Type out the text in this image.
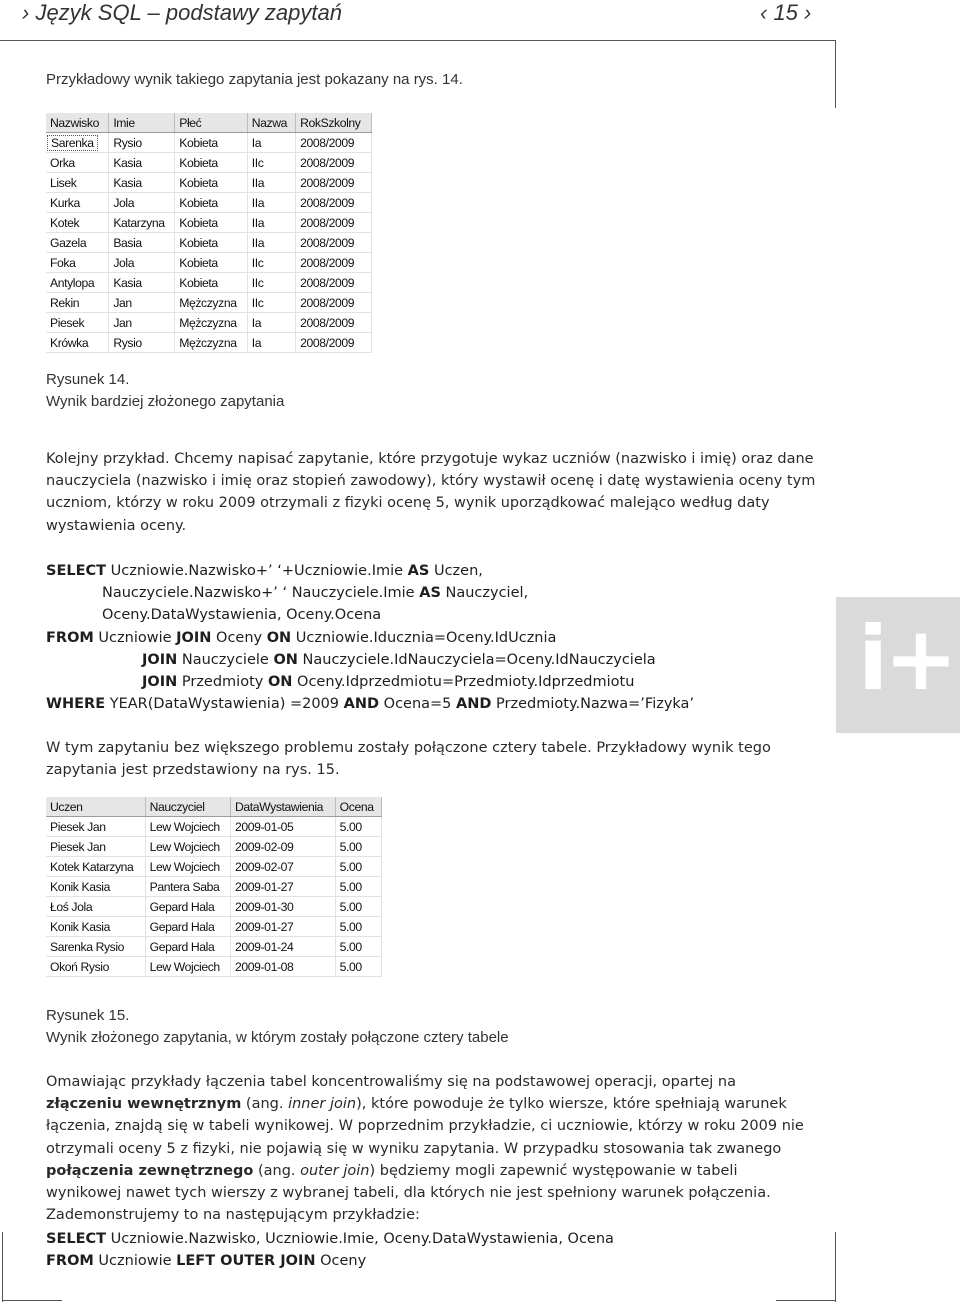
› Język SQL – podstawy zapytań	‹ 15 ›
Przykładowy wynik takiego zapytania jest pokazany na rys. 14.
Nazwisko	Imie	Płeć	Nazwa	RokSzkolny
Sarenka	Rysio	Kobieta	Ia	2008/2009
Orka	Kasia	Kobieta	IIc	2008/2009
Lisek	Kasia	Kobieta	IIa	2008/2009
Kurka	Jola	Kobieta	IIa	2008/2009
Kotek	Katarzyna	Kobieta	IIa	2008/2009
Gazela	Basia	Kobieta	IIa	2008/2009
Foka	Jola	Kobieta	IIc	2008/2009
Antylopa	Kasia	Kobieta	IIc	2008/2009
Rekin	Jan	Mężczyzna	IIc	2008/2009
Piesek	Jan	Mężczyzna	Ia	2008/2009
Krówka	Rysio	Mężczyzna	Ia	2008/2009
Rysunek 14.
Wynik bardziej złożonego zapytania
Kolejny przykład. Chcemy napisać zapytanie, które przygotuje wykaz uczniów (nazwisko i imię) oraz dane nauczyciela (nazwisko i imię oraz stopień zawodowy), który wystawił ocenę i datę wystawienia oceny tym uczniom, którzy w roku 2009 otrzymali z fizyki ocenę 5, wynik uporządkować malejąco według daty wystawienia oceny.
SELECT Uczniowie.Nazwisko+’ ‘+Uczniowie.Imie AS Uczen,
Nauczyciele.Nazwisko+’ ‘ Nauczyciele.Imie AS Nauczyciel,
Oceny.DataWystawienia, Oceny.Ocena
FROM Uczniowie JOIN Oceny ON Uczniowie.Iducznia=Oceny.IdUcznia
JOIN Nauczyciele ON Nauczyciele.IdNauczyciela=Oceny.IdNauczyciela
JOIN Przedmioty ON Oceny.Idprzedmiotu=Przedmioty.Idprzedmiotu
WHERE YEAR(DataWystawienia) =2009 AND Ocena=5 AND Przedmioty.Nazwa=’Fizyka’	i+
W tym zapytaniu bez większego problemu zostały połączone cztery tabele. Przykładowy wynik tego zapytania jest przedstawiony na rys. 15.
Uczen	Nauczyciel	DataWystawienia	Ocena
Piesek Jan	Lew Wojciech	2009-01-05	5.00
Piesek Jan	Lew Wojciech	2009-02-09	5.00
Kotek Katarzyna	Lew Wojciech	2009-02-07	5.00
Konik Kasia	Pantera Saba	2009-01-27	5.00
Łoś Jola	Gepard Hala	2009-01-30	5.00
Konik Kasia	Gepard Hala	2009-01-27	5.00
Sarenka Rysio	Gepard Hala	2009-01-24	5.00
Okoń Rysio	Lew Wojciech	2009-01-08	5.00
Rysunek 15.
Wynik złożonego zapytania, w którym zostały połączone cztery tabele
Omawiając przykłady łączenia tabel koncentrowaliśmy się na podstawowej operacji, opartej na złączeniu wewnętrznym (ang. inner join), które powoduje że tylko wiersze, które spełniają warunek łączenia, znajdą się w tabeli wynikowej. W poprzednim przykładzie, ci uczniowie, którzy w roku 2009 nie otrzymali oceny 5 z fizyki, nie pojawią się w wyniku zapytania. W przypadku stosowania tak zwanego połączenia zewnętrznego (ang. outer join) będziemy mogli zapewnić występowanie w tabeli wynikowej nawet tych wierszy z wybranej tabeli, dla których nie jest spełniony warunek połączenia. Zademonstrujemy to na następującym przykładzie:
SELECT Uczniowie.Nazwisko, Uczniowie.Imie, Oceny.DataWystawienia, Ocena
FROM Uczniowie LEFT OUTER JOIN Oceny
